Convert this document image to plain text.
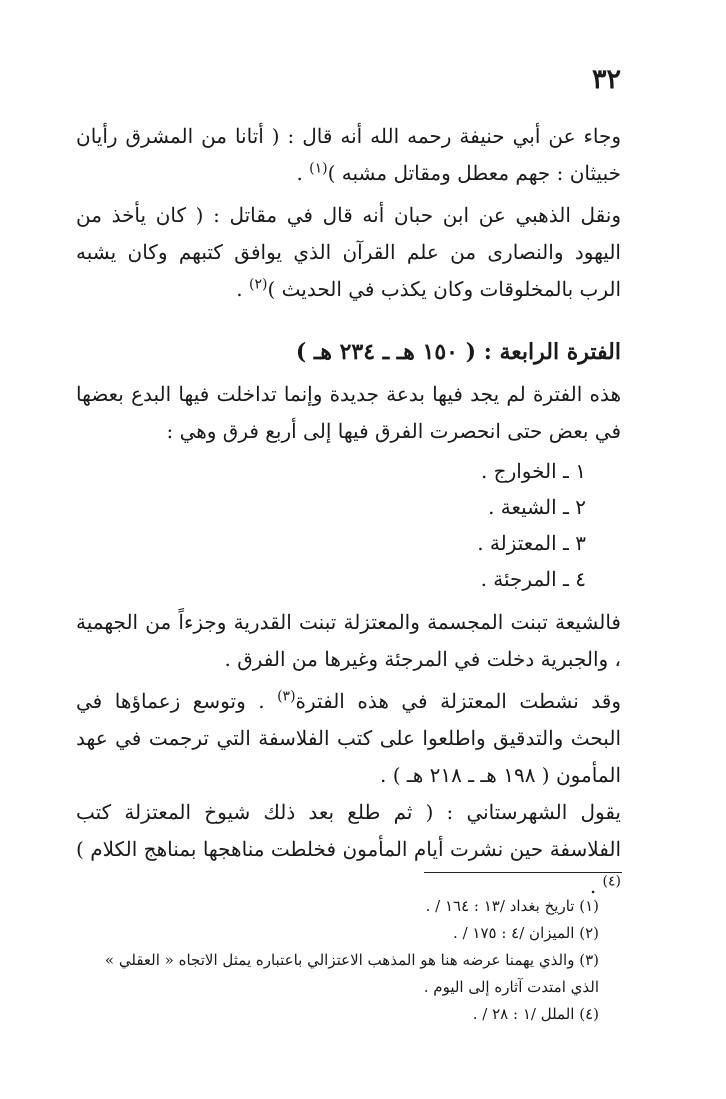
٣٢
وجاء عن أبي حنيفة رحمه الله أنه قال : ( أتانا من المشرق رأيان خبيثان : جهم معطل ومقاتل مشبه )$^{(١)}$ .
ونقل الذهبي عن ابن حبان أنه قال في مقاتل : ( كان يأخذ من اليهود والنصارى من علم القرآن الذي يوافق كتبهم وكان يشبه الرب بالمخلوقات وكان يكذب في الحديث )$^{(٢)}$ .
الفترة الرابعة : ( ١٥٠ هـ ـ ٢٣٤ هـ )
هذه الفترة لم يجد فيها بدعة جديدة وإنما تداخلت فيها البدع بعضها في بعض حتى انحصرت الفرق فيها إلى أربع فرق وهي :
١ ـ الخوارج .
٢ ـ الشيعة .
٣ ـ المعتزلة .
٤ ـ المرجئة .
فالشيعة تبنت المجسمة والمعتزلة تبنت القدرية وجزءاً من الجهمية ، والجبرية دخلت في المرجئة وغيرها من الفرق .
وقد نشطت المعتزلة في هذه الفترة$^{(٣)}$ . وتوسع زعماؤها في البحث والتدقيق واطلعوا على كتب الفلاسفة التي ترجمت في عهد المأمون ( ١٩٨ هـ ـ ٢١٨ هـ ) .
يقول الشهرستاني : ( ثم طلع بعد ذلك شيوخ المعتزلة كتب الفلاسفة حين نشرت أيام المأمون فخلطت مناهجها بمناهج الكلام )$^{(٤)}$ .
(١) تاريخ بغداد /١٣ : ١٦٤ / .
(٢) الميزان /٤ : ١٧٥ / .
(٣) والذي يهمنا عرضه هنا هو المذهب الاعتزالي باعتباره يمثل الاتجاه « العقلي » الذي امتدت آثاره إلى اليوم .
(٤) الملل /١ : ٢٨ / .
